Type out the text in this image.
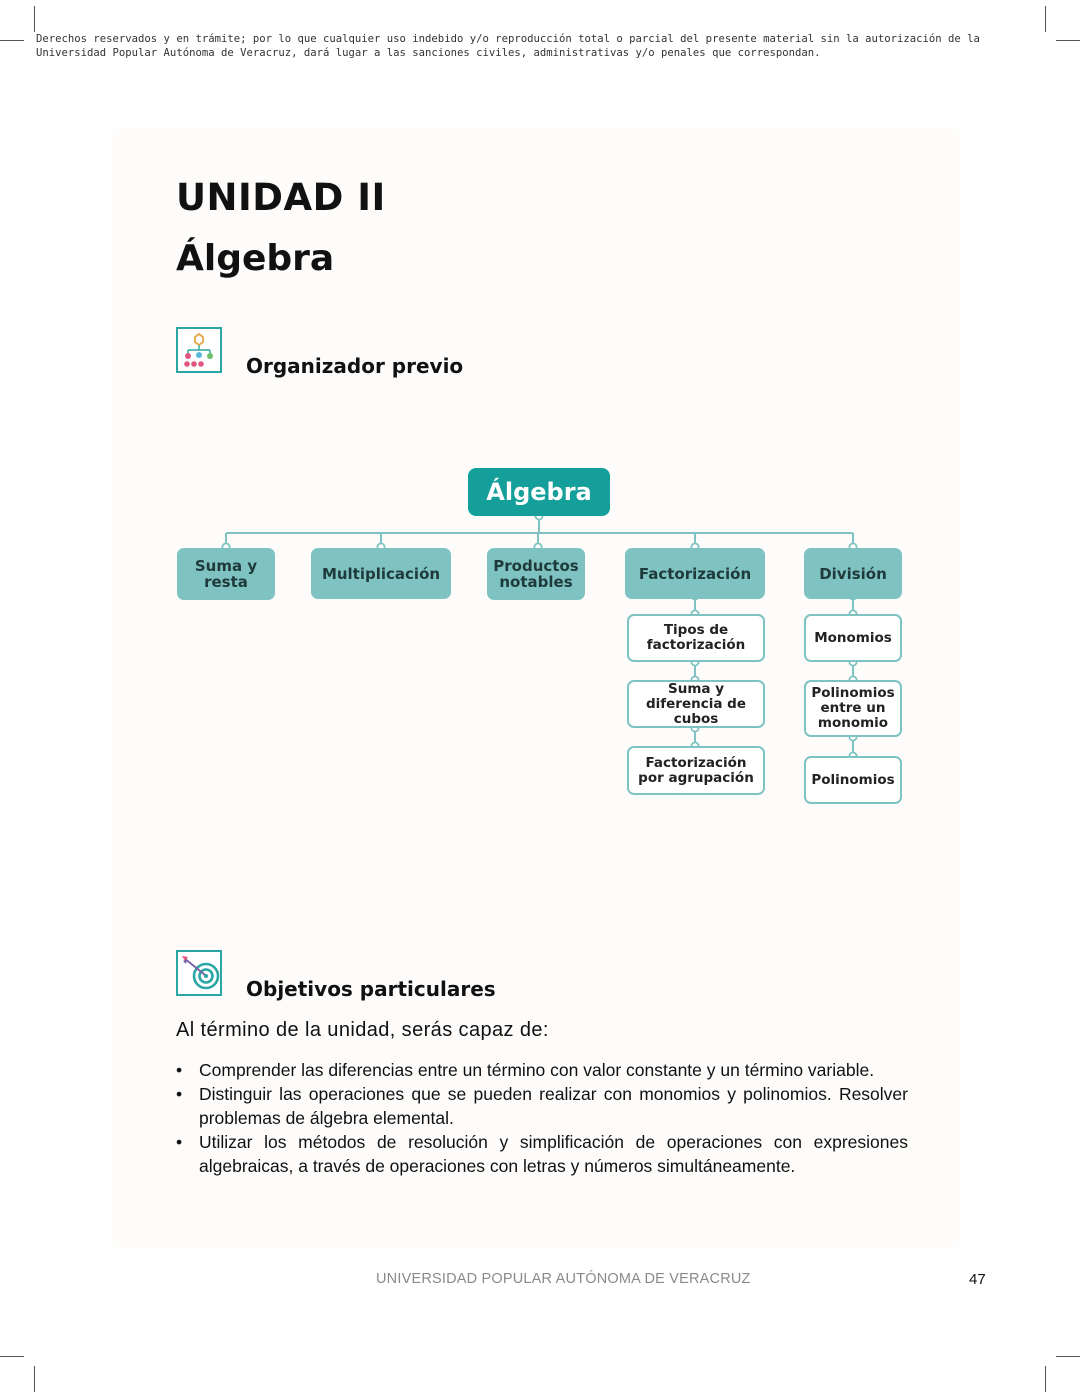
Derechos reservados y en trámite; por lo que cualquier uso indebido y/o reproducción total o parcial del presente material sin la autorización de la
Universidad Popular Autónoma de Veracruz, dará lugar a las sanciones civiles, administrativas y/o penales que correspondan.

UNIDAD II
Álgebra
Organizador previo
Álgebra
Suma y resta	Multiplicación	Productos notables	Factorización	División
Tipos de factorización
Suma y diferencia de cubos
Factorización por agrupación
Monomios
Polinomios entre un monomio
Polinomios
Objetivos particulares

Al término de la unidad, serás capaz de:

• Comprender las diferencias entre un término con valor constante y un término variable.
• Distinguir las operaciones que se pueden realizar con monomios y polinomios. Resolver problemas de álgebra elemental.
• Utilizar los métodos de resolución y simplificación de operaciones con expresiones algebraicas, a través de operaciones con letras y números simultáneamente.

UNIVERSIDAD POPULAR AUTÓNOMA DE VERACRUZ	47
